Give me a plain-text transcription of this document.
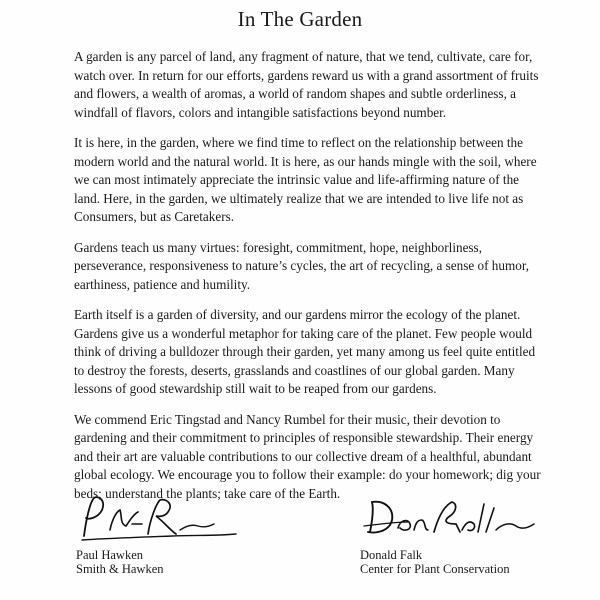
In The Garden

A garden is any parcel of land, any fragment of nature, that we tend, cultivate, care for, watch over. In return for our efforts, gardens reward us with a grand assortment of fruits and flowers, a wealth of aromas, a world of random shapes and subtle orderliness, a windfall of flavors, colors and intangible satisfactions beyond number.

It is here, in the garden, where we find time to reflect on the relationship between the modern world and the natural world. It is here, as our hands mingle with the soil, where we can most intimately appreciate the intrinsic value and life-affirming nature of the land. Here, in the garden, we ultimately realize that we are intended to live life not as Consumers, but as Caretakers.

Gardens teach us many virtues: foresight, commitment, hope, neighborliness, perseverance, responsiveness to nature’s cycles, the art of recycling, a sense of humor, earthiness, patience and humility.

Earth itself is a garden of diversity, and our gardens mirror the ecology of the planet. Gardens give us a wonderful metaphor for taking care of the planet. Few people would think of driving a bulldozer through their garden, yet many among us feel quite entitled to destroy the forests, deserts, grasslands and coastlines of our global garden. Many lessons of good stewardship still wait to be reaped from our gardens.

We commend Eric Tingstad and Nancy Rumbel for their music, their devotion to gardening and their commitment to principles of responsible stewardship. Their energy and their art are valuable contributions to our collective dream of a healthful, abundant global ecology. We encourage you to follow their example: do your homework; dig your beds; understand the plants; take care of the Earth.

Paul Hawken

Smith & Hawken

Donald Falk

Center for Plant Conservation
